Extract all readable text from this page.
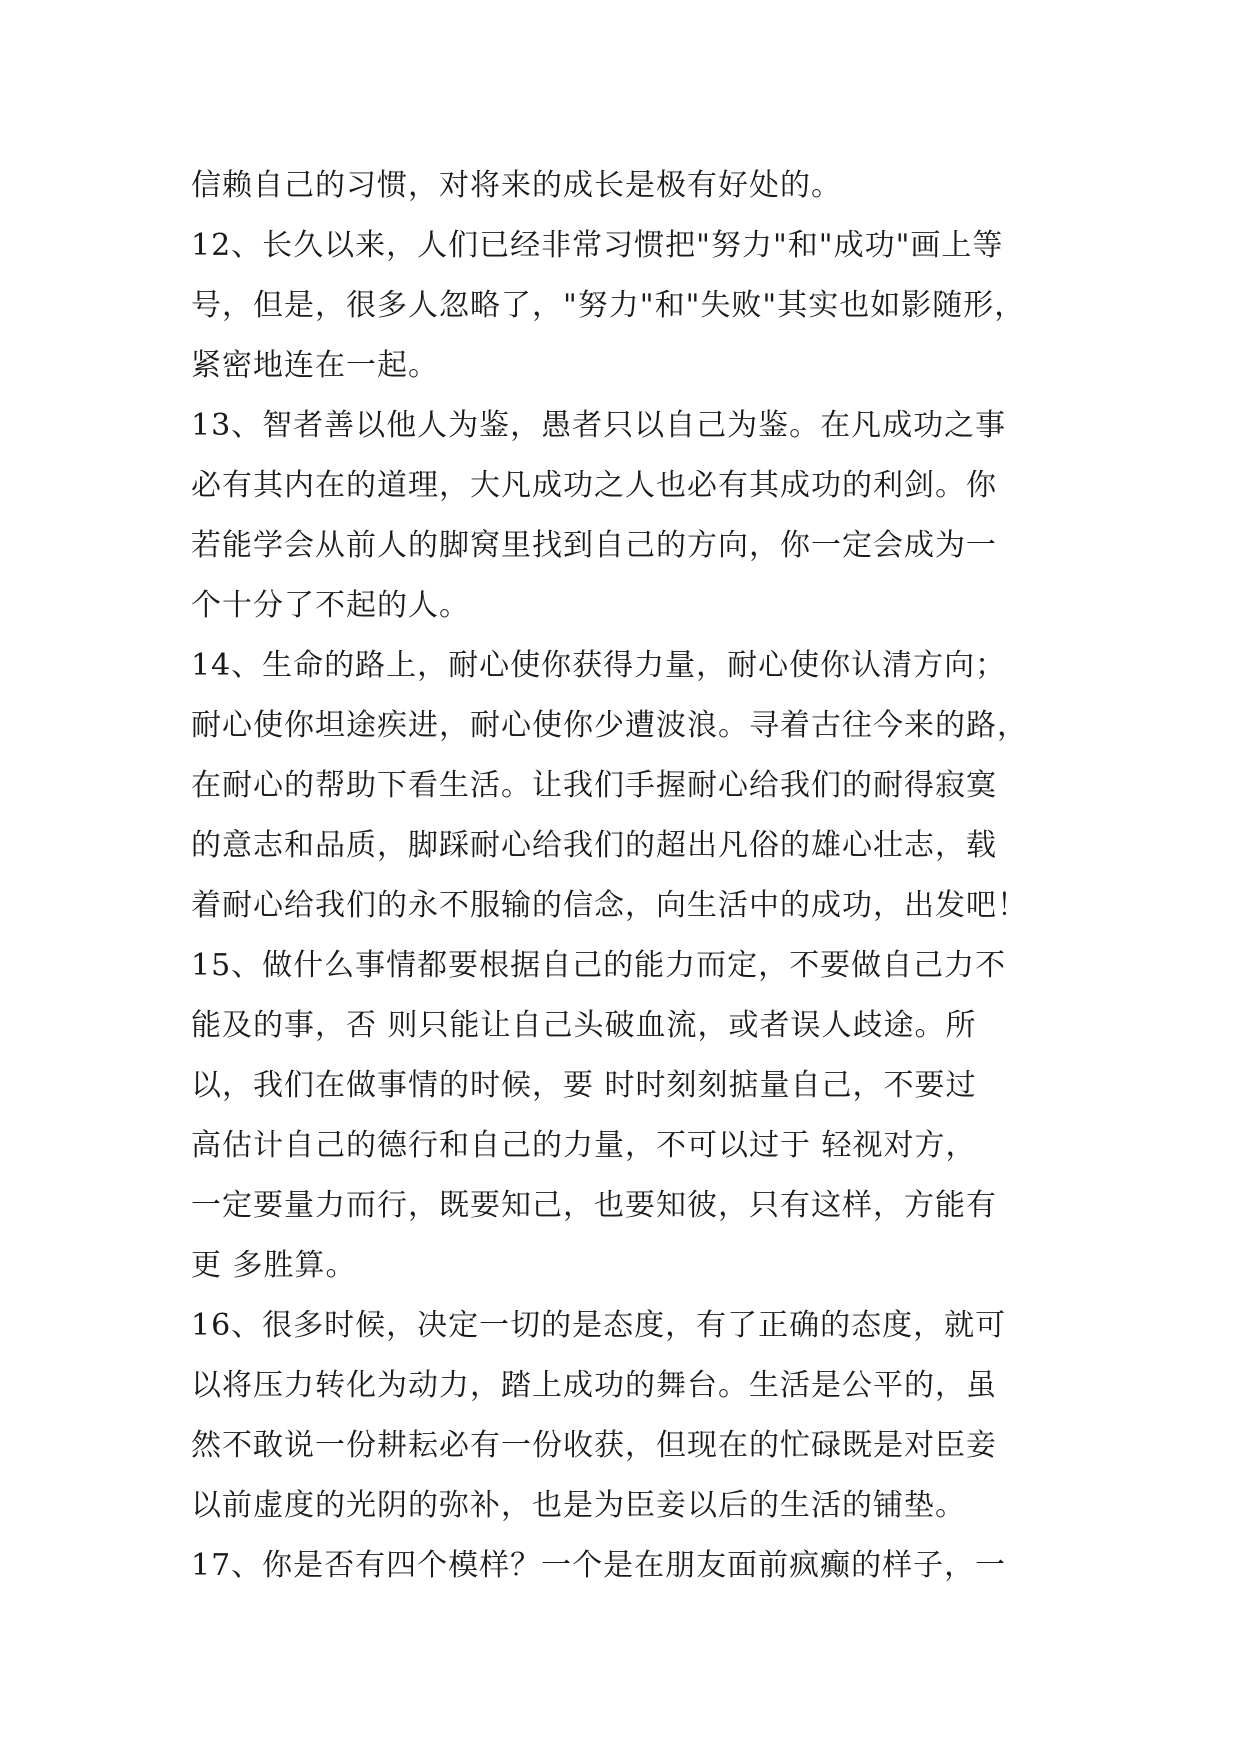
信赖自己的习惯，对将来的成长是极有好处的。
12、长久以来，人们已经非常习惯把"努力"和"成功"画上等
号，但是，很多人忽略了，"努力"和"失败"其实也如影随形，
紧密地连在一起。
13、智者善以他人为鉴，愚者只以自己为鉴。在凡成功之事
必有其内在的道理，大凡成功之人也必有其成功的利剑。你
若能学会从前人的脚窝里找到自己的方向，你一定会成为一
个十分了不起的人。
14、生命的路上，耐心使你获得力量，耐心使你认清方向；
耐心使你坦途疾进，耐心使你少遭波浪。寻着古往今来的路，
在耐心的帮助下看生活。让我们手握耐心给我们的耐得寂寞
的意志和品质，脚踩耐心给我们的超出凡俗的雄心壮志，载
着耐心给我们的永不服输的信念，向生活中的成功，出发吧！
15、做什么事情都要根据自己的能力而定，不要做自己力不
能及的事，否 则只能让自己头破血流，或者误人歧途。所
以，我们在做事情的时候，要 时时刻刻掂量自己，不要过
高估计自己的德行和自己的力量，不可以过于 轻视对方，
一定要量力而行，既要知己，也要知彼，只有这样，方能有
更 多胜算。
16、很多时候，决定一切的是态度，有了正确的态度，就可
以将压力转化为动力，踏上成功的舞台。生活是公平的，虽
然不敢说一份耕耘必有一份收获，但现在的忙碌既是对臣妾
以前虚度的光阴的弥补，也是为臣妾以后的生活的铺垫。
17、你是否有四个模样？一个是在朋友面前疯癫的样子，一
